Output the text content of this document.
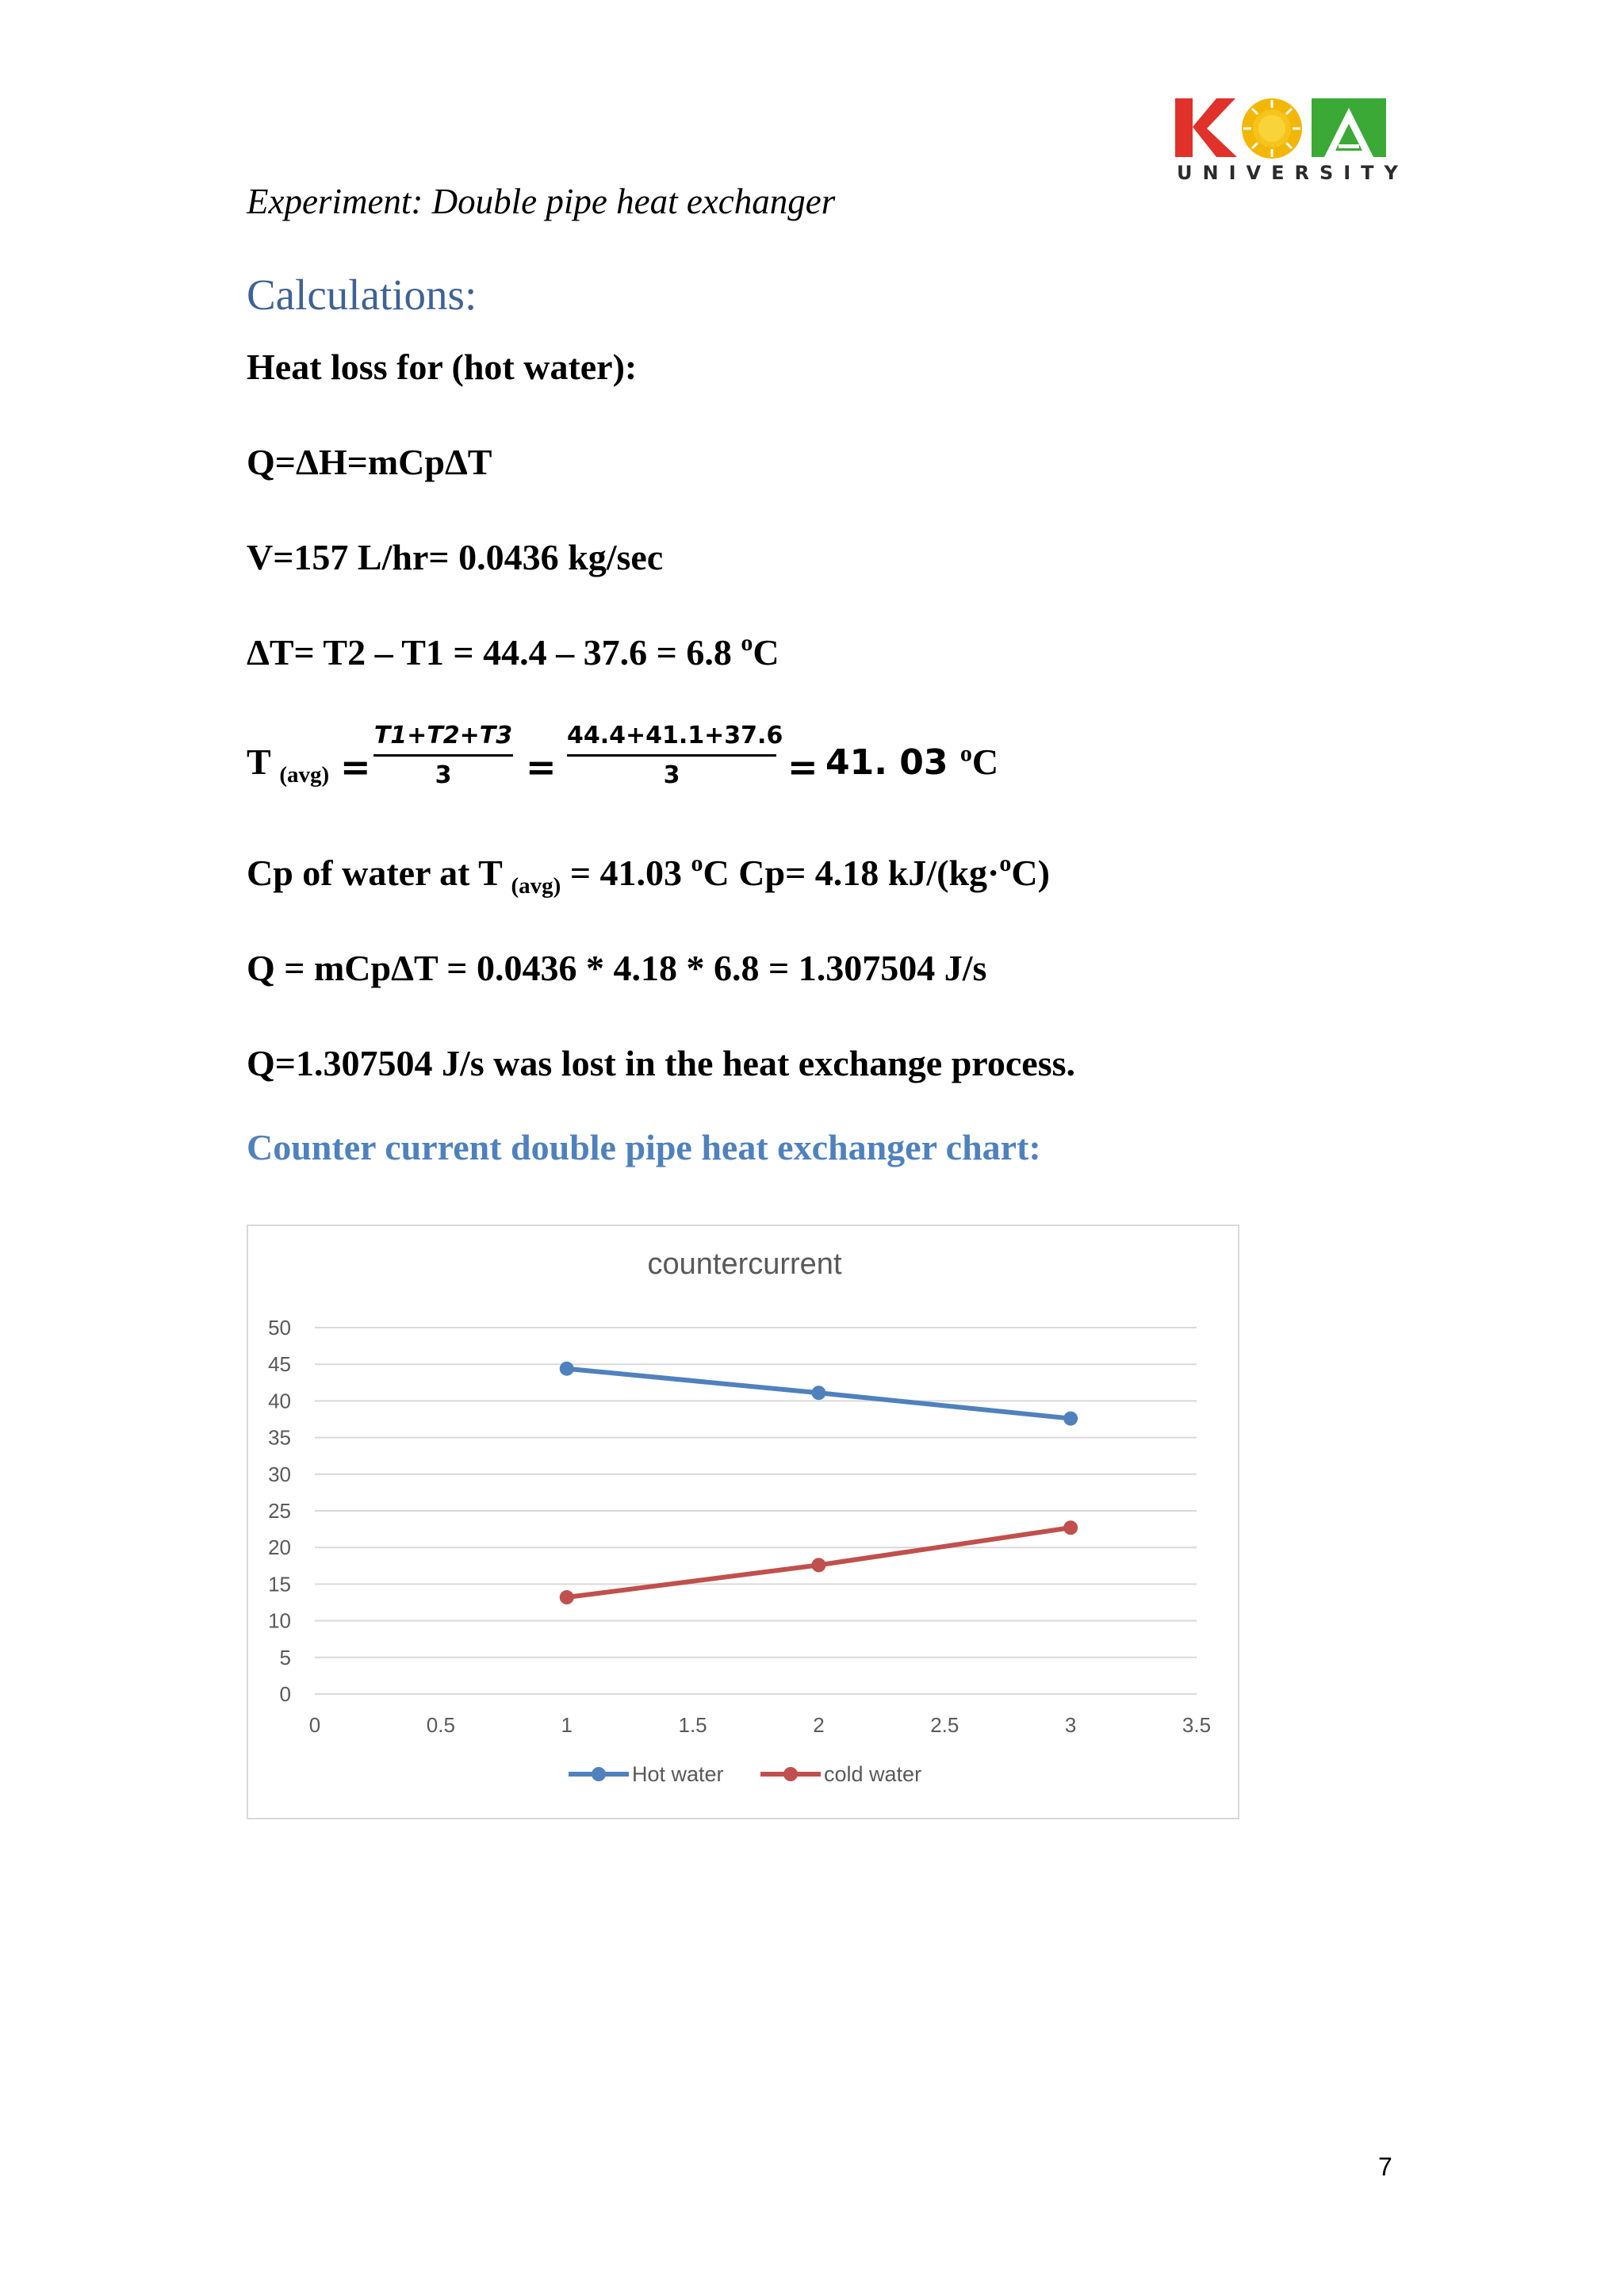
UNIVERSITY
Experiment: Double pipe heat exchanger
Calculations:
Heat loss for (hot water):
Q=ΔH=mCpΔT
V=157 L/hr= 0.0436 kg/sec
ΔT= T2 – T1 = 44.4 – 37.6 = 6.8 $^o$C
T $_{(avg)} = \frac{T1+T2+T3}{3} = \frac{44.4+41.1+37.6}{3} = 41$. 03 $^o$C
Cp of water at T $_{(avg)}$ = 41.03 $^o$C Cp= 4.18 kJ/(kg·$^o$C)
Q = mCpΔT = 0.0436 * 4.18 * 6.8 = 1.307504 J/s
Q=1.307504 J/s was lost in the heat exchange process.
Counter current double pipe heat exchanger chart:
countercurrent
0
5
10
15
20
25
30
35
40
45
50
0	0.5	1	1.5	2	2.5	3	3.5
Hot water	cold water
7
